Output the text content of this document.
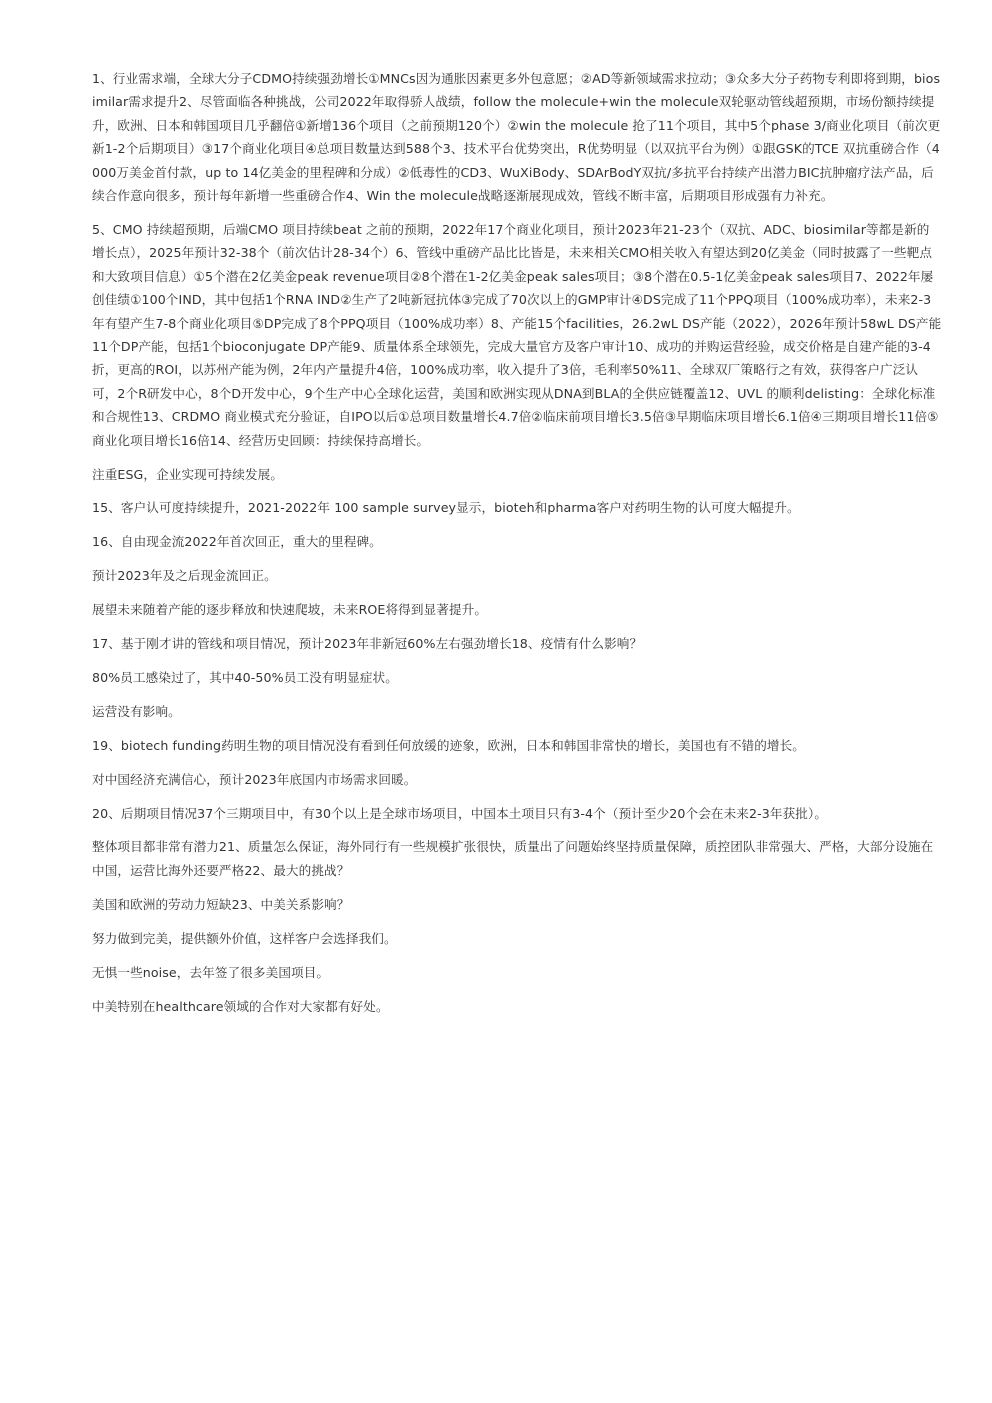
1、行业需求端，全球大分子CDMO持续强劲增长①MNCs因为通胀因素更多外包意愿；②AD等新领域需求拉动；③众多大分子药物专利即将到期，biosimilar需求提升2、尽管面临各种挑战，公司2022年取得骄人战绩，follow the molecule+win the molecule双轮驱动管线超预期，市场份额持续提升，欧洲、日本和韩国项目几乎翻倍①新增136个项目（之前预期120个）②win the molecule 抢了11个项目，其中5个phase 3/商业化项目（前次更新1-2个后期项目）③17个商业化项目④总项目数量达到588个3、技术平台优势突出，R优势明显（以双抗平台为例）①跟GSK的TCE 双抗重磅合作（4000万美金首付款，up to 14亿美金的里程碑和分成）②低毒性的CD3、WuXiBody、SDArBodY双抗/多抗平台持续产出潜力BIC抗肿瘤疗法产品，后续合作意向很多，预计每年新增一些重磅合作4、Win the molecule战略逐渐展现成效，管线不断丰富，后期项目形成强有力补充。

5、CMO 持续超预期，后端CMO 项目持续beat 之前的预期，2022年17个商业化项目，预计2023年21-23个（双抗、ADC、biosimilar等都是新的增长点），2025年预计32-38个（前次估计28-34个）6、管线中重磅产品比比皆是，未来相关CMO相关收入有望达到20亿美金（同时披露了一些靶点和大致项目信息）①5个潜在2亿美金peak revenue项目②8个潜在1-2亿美金peak sales项目；③8个潜在0.5-1亿美金peak sales项目7、2022年屡创佳绩①100个IND，其中包括1个RNA IND②生产了2吨新冠抗体③完成了70次以上的GMP审计④DS完成了11个PPQ项目（100%成功率），未来2-3年有望产生7-8个商业化项目⑤DP完成了8个PPQ项目（100%成功率）8、产能15个facilities，26.2wL DS产能（2022），2026年预计58wL DS产能11个DP产能，包括1个bioconjugate DP产能9、质量体系全球领先，完成大量官方及客户审计10、成功的并购运营经验，成交价格是自建产能的3-4折，更高的ROI，以苏州产能为例，2年内产量提升4倍，100%成功率，收入提升了3倍，毛利率50%11、全球双厂策略行之有效，获得客户广泛认可，2个R研发中心，8个D开发中心，9个生产中心全球化运营，美国和欧洲实现从DNA到BLA的全供应链覆盖12、UVL 的顺利delisting：全球化标准和合规性13、CRDMO 商业模式充分验证，自IPO以后①总项目数量增长4.7倍②临床前项目增长3.5倍③早期临床项目增长6.1倍④三期项目增长11倍⑤商业化项目增长16倍14、经营历史回顾：持续保持高增长。

注重ESG，企业实现可持续发展。

15、客户认可度持续提升，2021-2022年 100 sample survey显示，bioteh和pharma客户对药明生物的认可度大幅提升。

16、自由现金流2022年首次回正，重大的里程碑。

预计2023年及之后现金流回正。

展望未来随着产能的逐步释放和快速爬坡，未来ROE将得到显著提升。

17、基于刚才讲的管线和项目情况，预计2023年非新冠60%左右强劲增长18、疫情有什么影响？

80%员工感染过了，其中40-50%员工没有明显症状。

运营没有影响。

19、biotech funding药明生物的项目情况没有看到任何放缓的迹象，欧洲，日本和韩国非常快的增长，美国也有不错的增长。

对中国经济充满信心，预计2023年底国内市场需求回暖。

20、后期项目情况37个三期项目中，有30个以上是全球市场项目，中国本土项目只有3-4个（预计至少20个会在未来2-3年获批）。

整体项目都非常有潜力21、质量怎么保证，海外同行有一些规模扩张很快，质量出了问题始终坚持质量保障，质控团队非常强大、严格，大部分设施在中国，运营比海外还要严格22、最大的挑战？

美国和欧洲的劳动力短缺23、中美关系影响？

努力做到完美，提供额外价值，这样客户会选择我们。

无惧一些noise，去年签了很多美国项目。

中美特别在healthcare领域的合作对大家都有好处。
